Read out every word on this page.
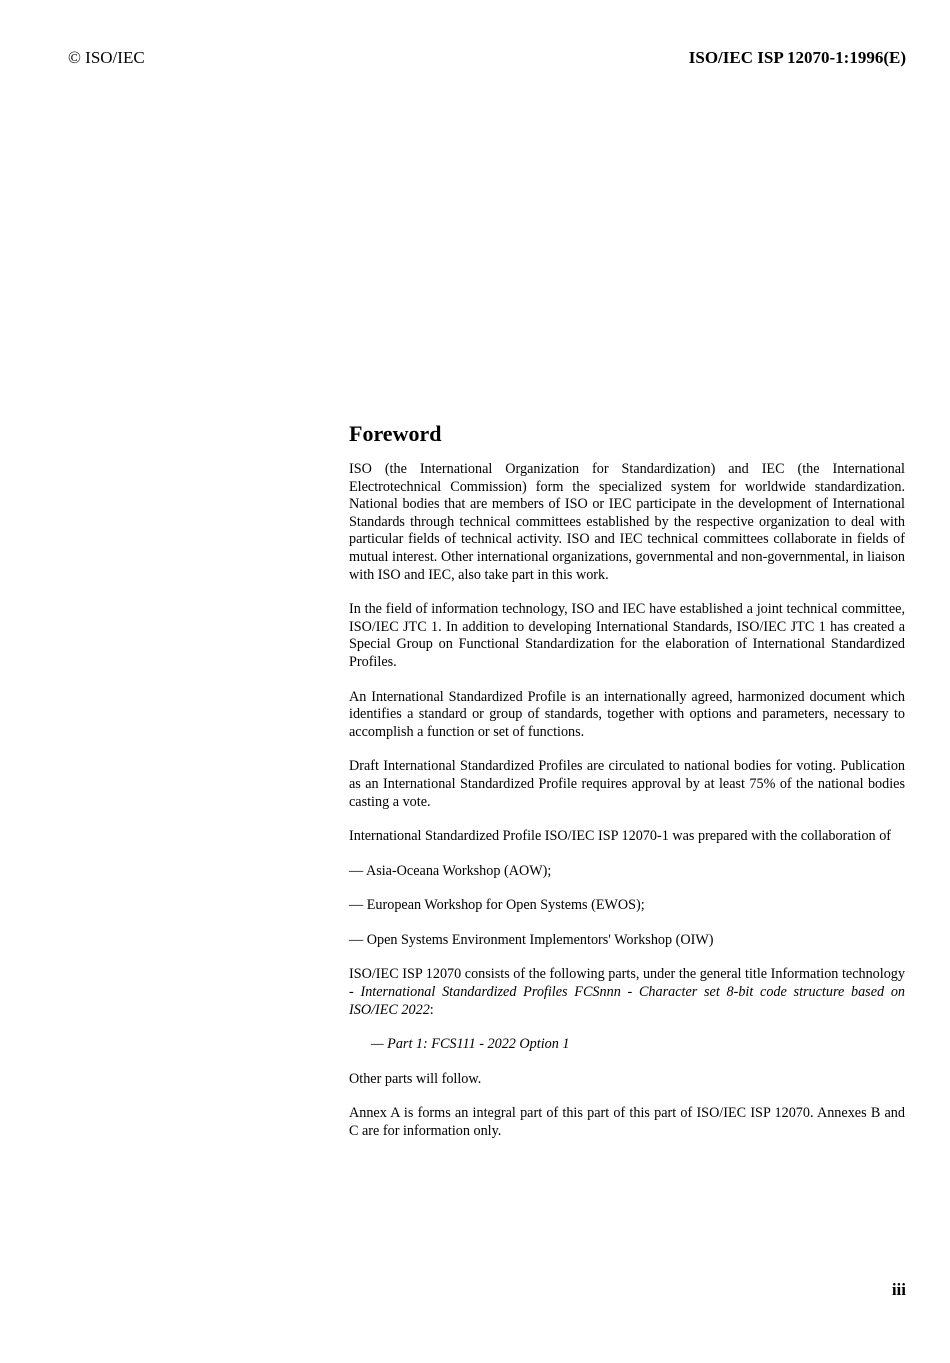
© ISO/IEC	ISO/IEC ISP 12070-1:1996(E)
Foreword

ISO (the International Organization for Standardization) and IEC (the International Electrotechnical Commission) form the specialized system for worldwide standardization. National bodies that are members of ISO or IEC participate in the development of International Standards through technical committees established by the respective organization to deal with particular fields of technical activity. ISO and IEC technical committees collaborate in fields of mutual interest. Other international organizations, governmental and non-governmental, in liaison with ISO and IEC, also take part in this work.

In the field of information technology, ISO and IEC have established a joint technical committee, ISO/IEC JTC 1. In addition to developing International Standards, ISO/IEC JTC 1 has created a Special Group on Functional Standardization for the elaboration of International Standardized Profiles.

An International Standardized Profile is an internationally agreed, harmonized document which identifies a standard or group of standards, together with options and parameters, necessary to accomplish a function or set of functions.

Draft International Standardized Profiles are circulated to national bodies for voting. Publication as an International Standardized Profile requires approval by at least 75% of the national bodies casting a vote.

International Standardized Profile ISO/IEC ISP 12070-1 was prepared with the collaboration of

— Asia-Oceana Workshop (AOW);

— European Workshop for Open Systems (EWOS);

— Open Systems Environment Implementors' Workshop (OIW)

ISO/IEC ISP 12070 consists of the following parts, under the general title Information technology - International Standardized Profiles FCSnnn - Character set 8-bit code structure based on ISO/IEC 2022:

— Part 1: FCS111 - 2022 Option 1

Other parts will follow.

Annex A is forms an integral part of this part of this part of ISO/IEC ISP 12070. Annexes B and C are for information only.

iii
